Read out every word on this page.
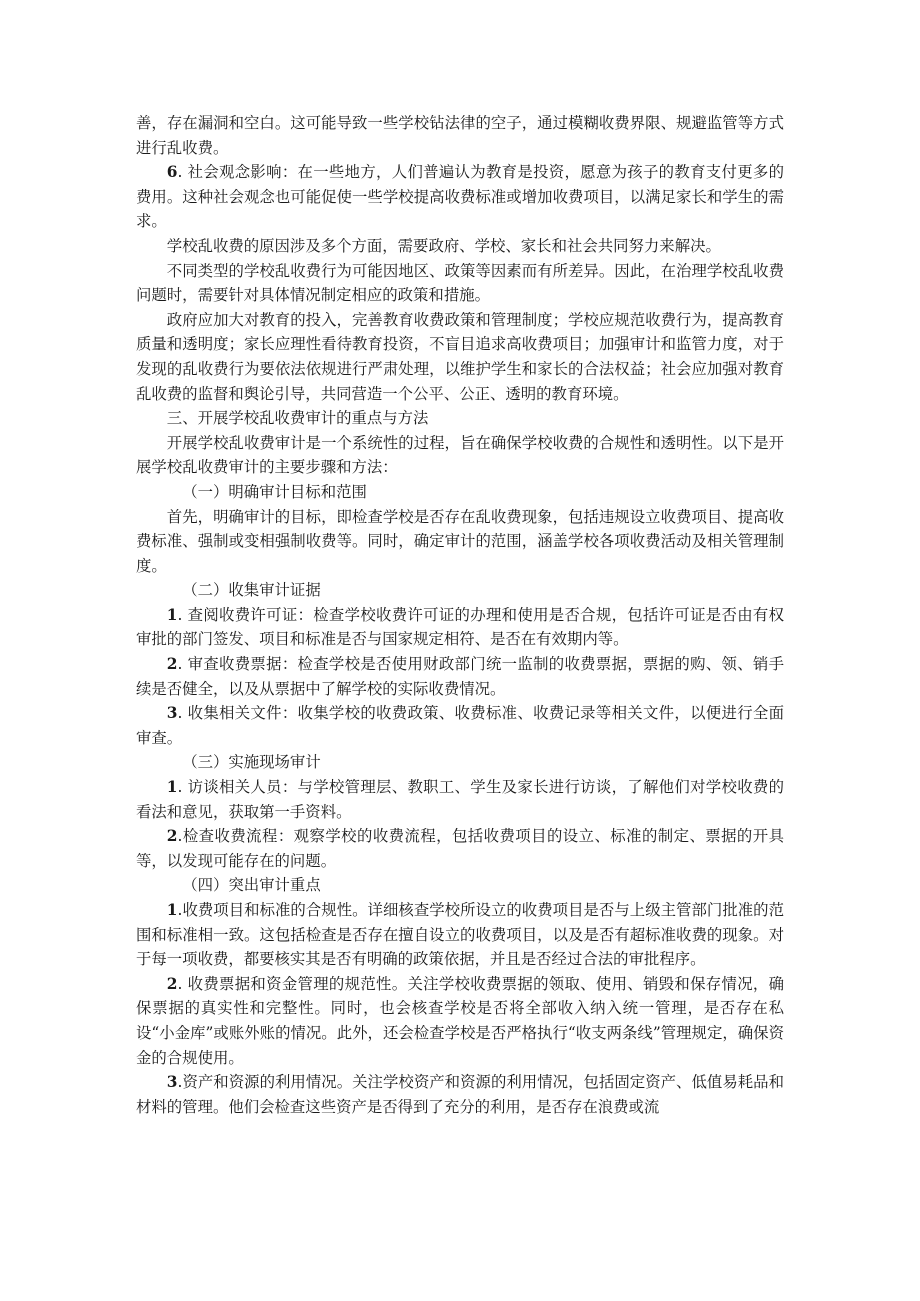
善，存在漏洞和空白。这可能导致一些学校钻法律的空子，通过模糊收费界限、规避监管等方式进行乱收费。

6. 社会观念影响：在一些地方，人们普遍认为教育是投资，愿意为孩子的教育支付更多的费用。这种社会观念也可能促使一些学校提高收费标准或增加收费项目，以满足家长和学生的需求。

学校乱收费的原因涉及多个方面，需要政府、学校、家长和社会共同努力来解决。

不同类型的学校乱收费行为可能因地区、政策等因素而有所差异。因此，在治理学校乱收费问题时，需要针对具体情况制定相应的政策和措施。

政府应加大对教育的投入，完善教育收费政策和管理制度；学校应规范收费行为，提高教育质量和透明度；家长应理性看待教育投资，不盲目追求高收费项目；加强审计和监管力度，对于发现的乱收费行为要依法依规进行严肃处理，以维护学生和家长的合法权益；社会应加强对教育乱收费的监督和舆论引导，共同营造一个公平、公正、透明的教育环境。

三、开展学校乱收费审计的重点与方法

开展学校乱收费审计是一个系统性的过程，旨在确保学校收费的合规性和透明性。以下是开展学校乱收费审计的主要步骤和方法：

（一）明确审计目标和范围

首先，明确审计的目标，即检查学校是否存在乱收费现象，包括违规设立收费项目、提高收费标准、强制或变相强制收费等。同时，确定审计的范围，涵盖学校各项收费活动及相关管理制度。

（二）收集审计证据

1. 查阅收费许可证：检查学校收费许可证的办理和使用是否合规，包括许可证是否由有权审批的部门签发、项目和标准是否与国家规定相符、是否在有效期内等。

2. 审查收费票据：检查学校是否使用财政部门统一监制的收费票据，票据的购、领、销手续是否健全，以及从票据中了解学校的实际收费情况。

3. 收集相关文件：收集学校的收费政策、收费标准、收费记录等相关文件，以便进行全面审查。

（三）实施现场审计

1. 访谈相关人员：与学校管理层、教职工、学生及家长进行访谈，了解他们对学校收费的看法和意见，获取第一手资料。

2.检查收费流程：观察学校的收费流程，包括收费项目的设立、标准的制定、票据的开具等，以发现可能存在的问题。

（四）突出审计重点

1.收费项目和标准的合规性。详细核查学校所设立的收费项目是否与上级主管部门批准的范围和标准相一致。这包括检查是否存在擅自设立的收费项目，以及是否有超标准收费的现象。对于每一项收费，都要核实其是否有明确的政策依据，并且是否经过合法的审批程序。

2. 收费票据和资金管理的规范性。关注学校收费票据的领取、使用、销毁和保存情况，确保票据的真实性和完整性。同时，也会核查学校是否将全部收入纳入统一管理，是否存在私设“小金库”或账外账的情况。此外，还会检查学校是否严格执行“收支两条线”管理规定，确保资金的合规使用。

3.资产和资源的利用情况。关注学校资产和资源的利用情况，包括固定资产、低值易耗品和材料的管理。他们会检查这些资产是否得到了充分的利用，是否存在浪费或流
